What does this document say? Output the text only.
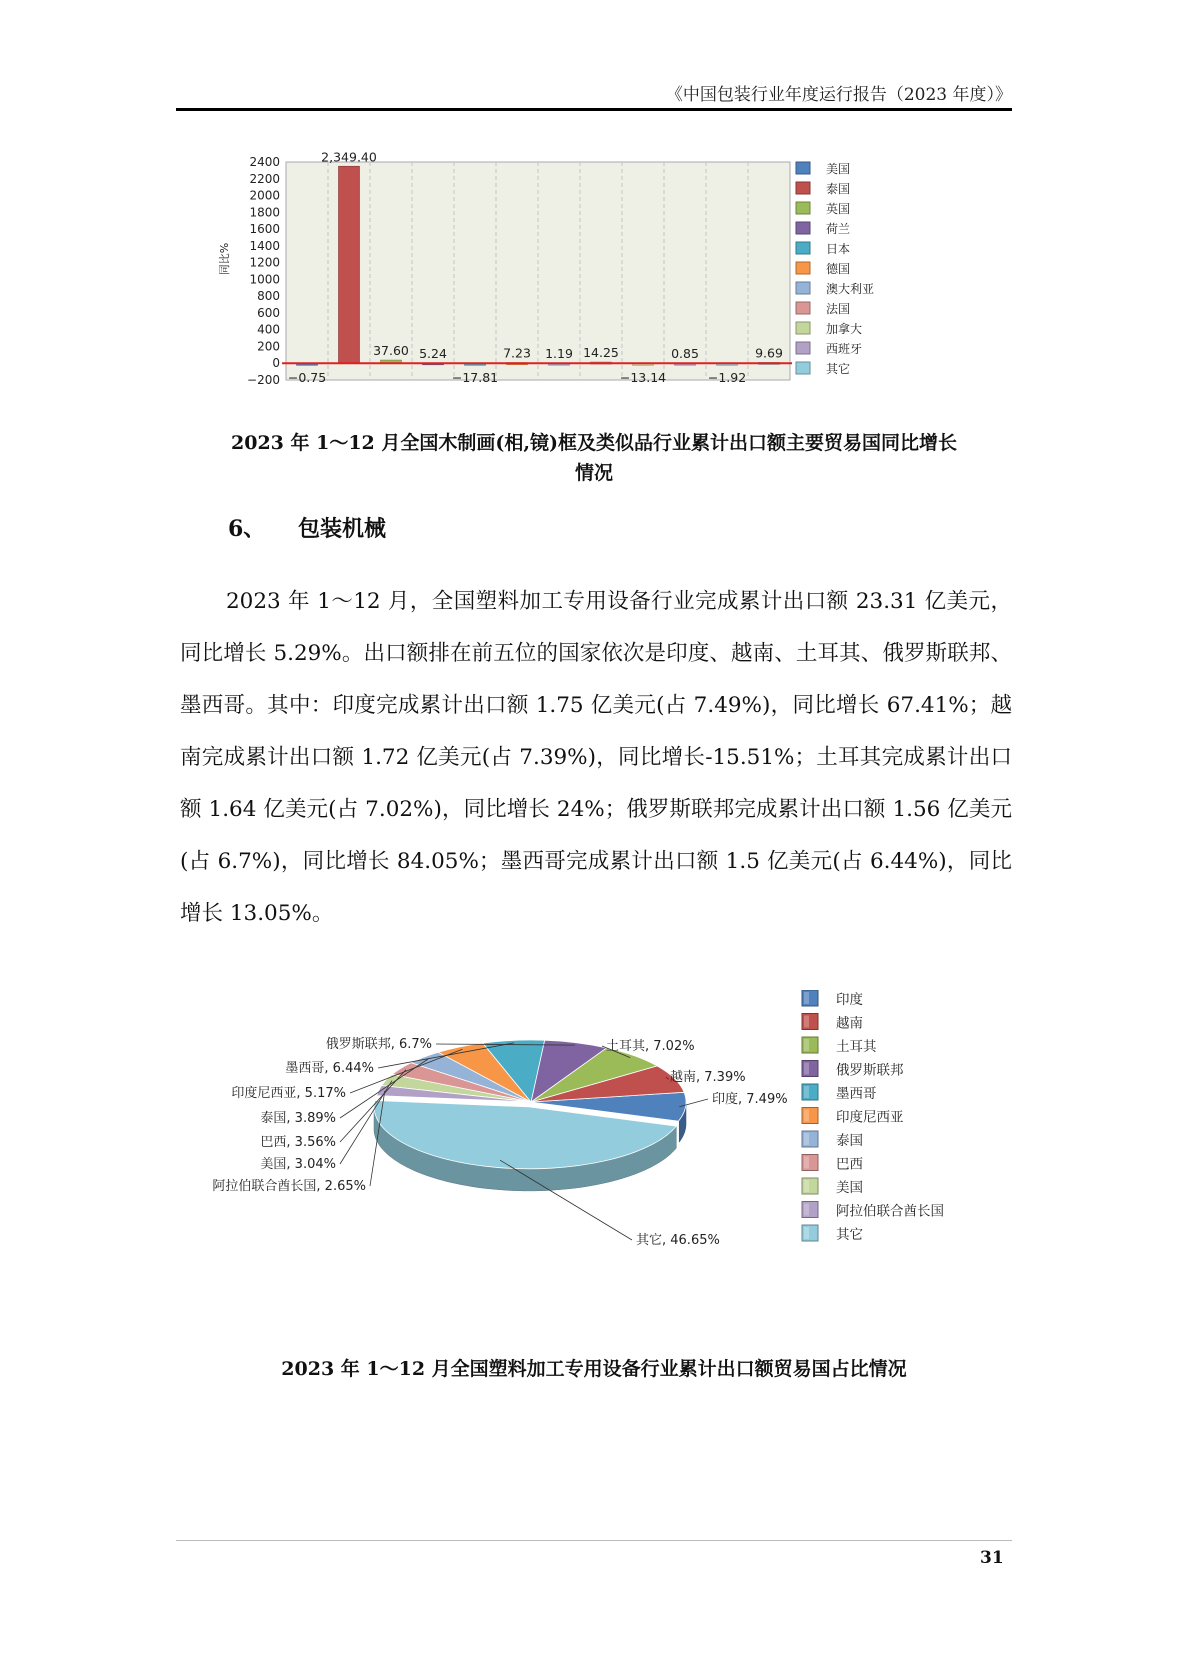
《中国包装行业年度运行报告（2023 年度）》
−200
0
200
400
600
800
1000
1200
1400
1600
1800
2000
2200
2400
同比%
−0.75
2,349.40
37.60 5.24
−17.81
7.23 1.19 14.25
−13.14
0.85
−1.92
9.69
美国
泰国
英国
荷兰
日本
德国
澳大利亚
法国
加拿大
西班牙
其它
2023 年 1～12 月全国木制画(相,镜)框及类似品行业累计出口额主要贸易国同比增长
情况
6、 包装机械

2023 年 1～12 月，全国塑料加工专用设备行业完成累计出口额 23.31 亿美元，同比增长 5.29%。出口额排在前五位的国家依次是印度、越南、土耳其、俄罗斯联邦、墨西哥。其中：印度完成累计出口额 1.75 亿美元(占 7.49%)，同比增长 67.41%；越南完成累计出口额 1.72 亿美元(占 7.39%)，同比增长-15.51%；土耳其完成累计出口额 1.64 亿美元(占 7.02%)，同比增长 24%；俄罗斯联邦完成累计出口额 1.56 亿美元(占 6.7%)，同比增长 84.05%；墨西哥完成累计出口额 1.5 亿美元(占 6.44%)，同比增长 13.05%。

印度, 7.49%
越南, 7.39%
土耳其, 7.02%
俄罗斯联邦, 6.7%
墨西哥, 6.44%
印度尼西亚, 5.17%
泰国, 3.89%
巴西, 3.56%
美国, 3.04%
阿拉伯联合酋长国, 2.65%
其它, 46.65%
印度
越南
土耳其
俄罗斯联邦
墨西哥
印度尼西亚
泰国
巴西
美国
阿拉伯联合酋长国
其它
2023 年 1～12 月全国塑料加工专用设备行业累计出口额贸易国占比情况
31
